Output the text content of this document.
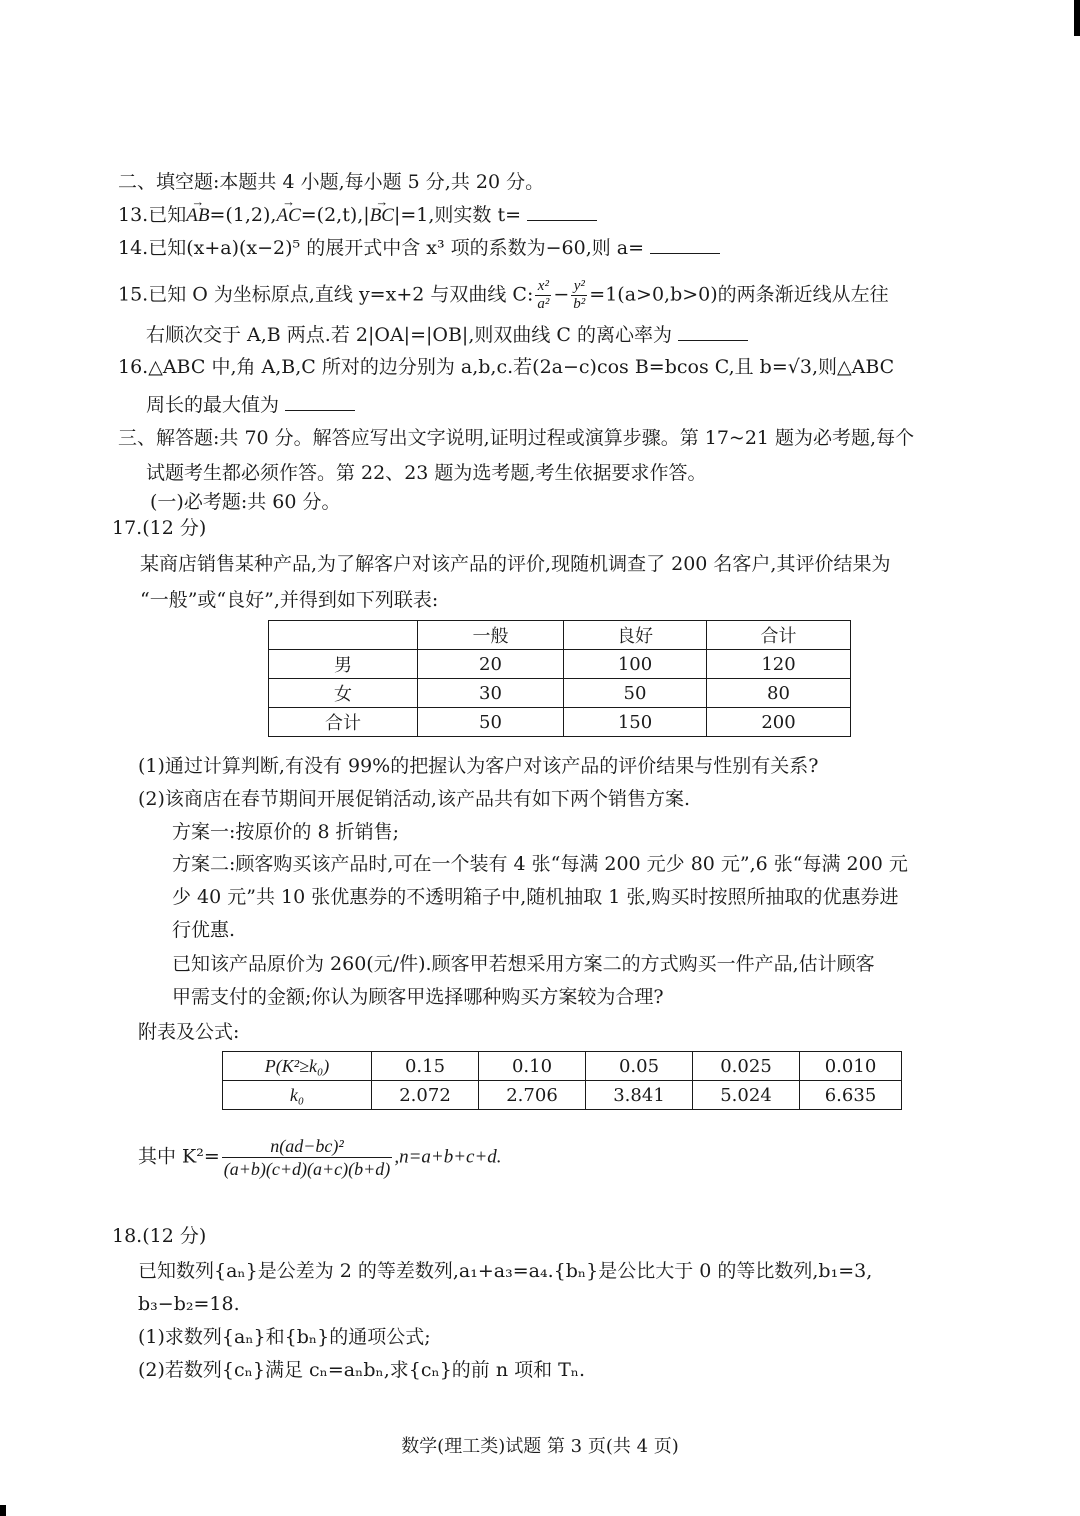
二、填空题:本题共 4 小题,每小题 5 分,共 20 分。
13.已知→ AB=(1,2),→ AC=(2,t),|→ BC|=1,则实数 t=
14.已知(x+a)(x−2)⁵ 的展开式中含 x³ 项的系数为−60,则 a=
15.已知 O 为坐标原点,直线 y=x+2 与双曲线 C: $\frac{\text{x²}}{\text{a²}} - \frac{\text{y²}}{\text{b²}} =1(a>0,b>0)$的两条渐近线从左往
右顺次交于 A,B 两点.若 2|OA|=|OB|,则双曲线 C 的离心率为
16.△ABC 中,角 A,B,C 所对的边分别为 a,b,c.若(2a−c)cos B=bcos C,且 b=√3,则△ABC
周长的最大值为
三、解答题:共 70 分。解答应写出文字说明,证明过程或演算步骤。第 17~21 题为必考题,每个
试题考生都必须作答。第 22、23 题为选考题,考生依据要求作答。
(一)必考题:共 60 分。
17.(12 分)
某商店销售某种产品,为了解客户对该产品的评价,现随机调查了 200 名客户,其评价结果为
“一般”或“良好”,并得到如下列联表:
	一般	良好	合计
男	20	100	120
女	30	50	80
合计	50	150	200
(1)通过计算判断,有没有 99%的把握认为客户对该产品的评价结果与性别有关系?
(2)该商店在春节期间开展促销活动,该产品共有如下两个销售方案.
方案一:按原价的 8 折销售;
方案二:顾客购买该产品时,可在一个装有 4 张“每满 200 元少 80 元”,6 张“每满 200 元
少 40 元”共 10 张优惠券的不透明箱子中,随机抽取 1 张,购买时按照所抽取的优惠券进
行优惠.
已知该产品原价为 260(元/件).顾客甲若想采用方案二的方式购买一件产品,估计顾客
甲需支付的金额;你认为顾客甲选择哪种购买方案较为合理?
附表及公式:
P(K²≥k₀)	0.15	0.10	0.05	0.025	0.010
k₀	2.072	2.706	3.841	5.024	6.635
其中 $K^2= \frac{\text{n(ad−bc)²}}{(a+b)(c+d)(a+c)(b+d)} ,n=a+b+c+d$.
18.(12 分)
已知数列{aₙ}是公差为 2 的等差数列,a₁+a₃=a₄.{bₙ}是公比大于 0 的等比数列,b₁=3,
b₃−b₂=18.
(1)求数列{aₙ}和{bₙ}的通项公式;
(2)若数列{cₙ}满足 cₙ=aₙbₙ,求{cₙ}的前 n 项和 Tₙ.
数学(理工类)试题 第 3 页(共 4 页)
